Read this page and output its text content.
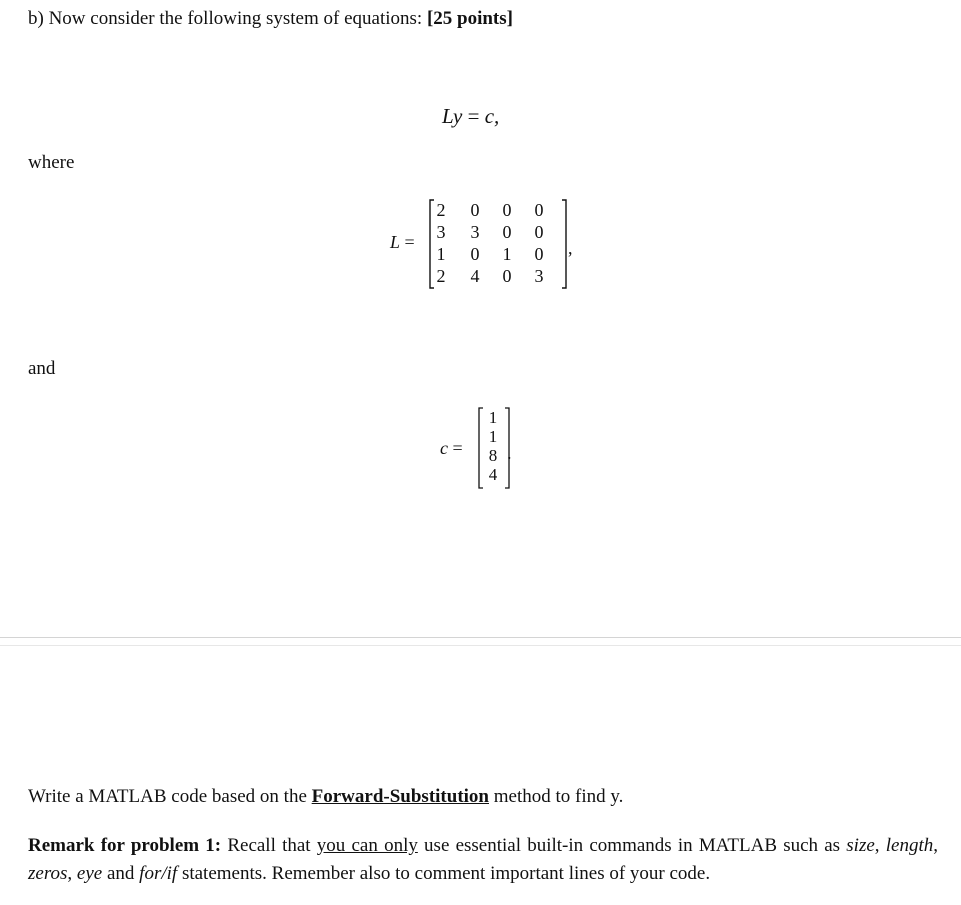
b) Now consider the following system of equations: [25 points]
Ly = c,
where
L =
2 0 0 0
3 3 0 0
1 0 1 0
2 4 0 3
,
and
c =
1
1
8
4
.
Write a MATLAB code based on the Forward-Substitution method to find y.
Remark for problem 1: Recall that you can only use essential built-in commands in MATLAB such as size, length, zeros, eye and for/if statements. Remember also to comment important lines of your code.
